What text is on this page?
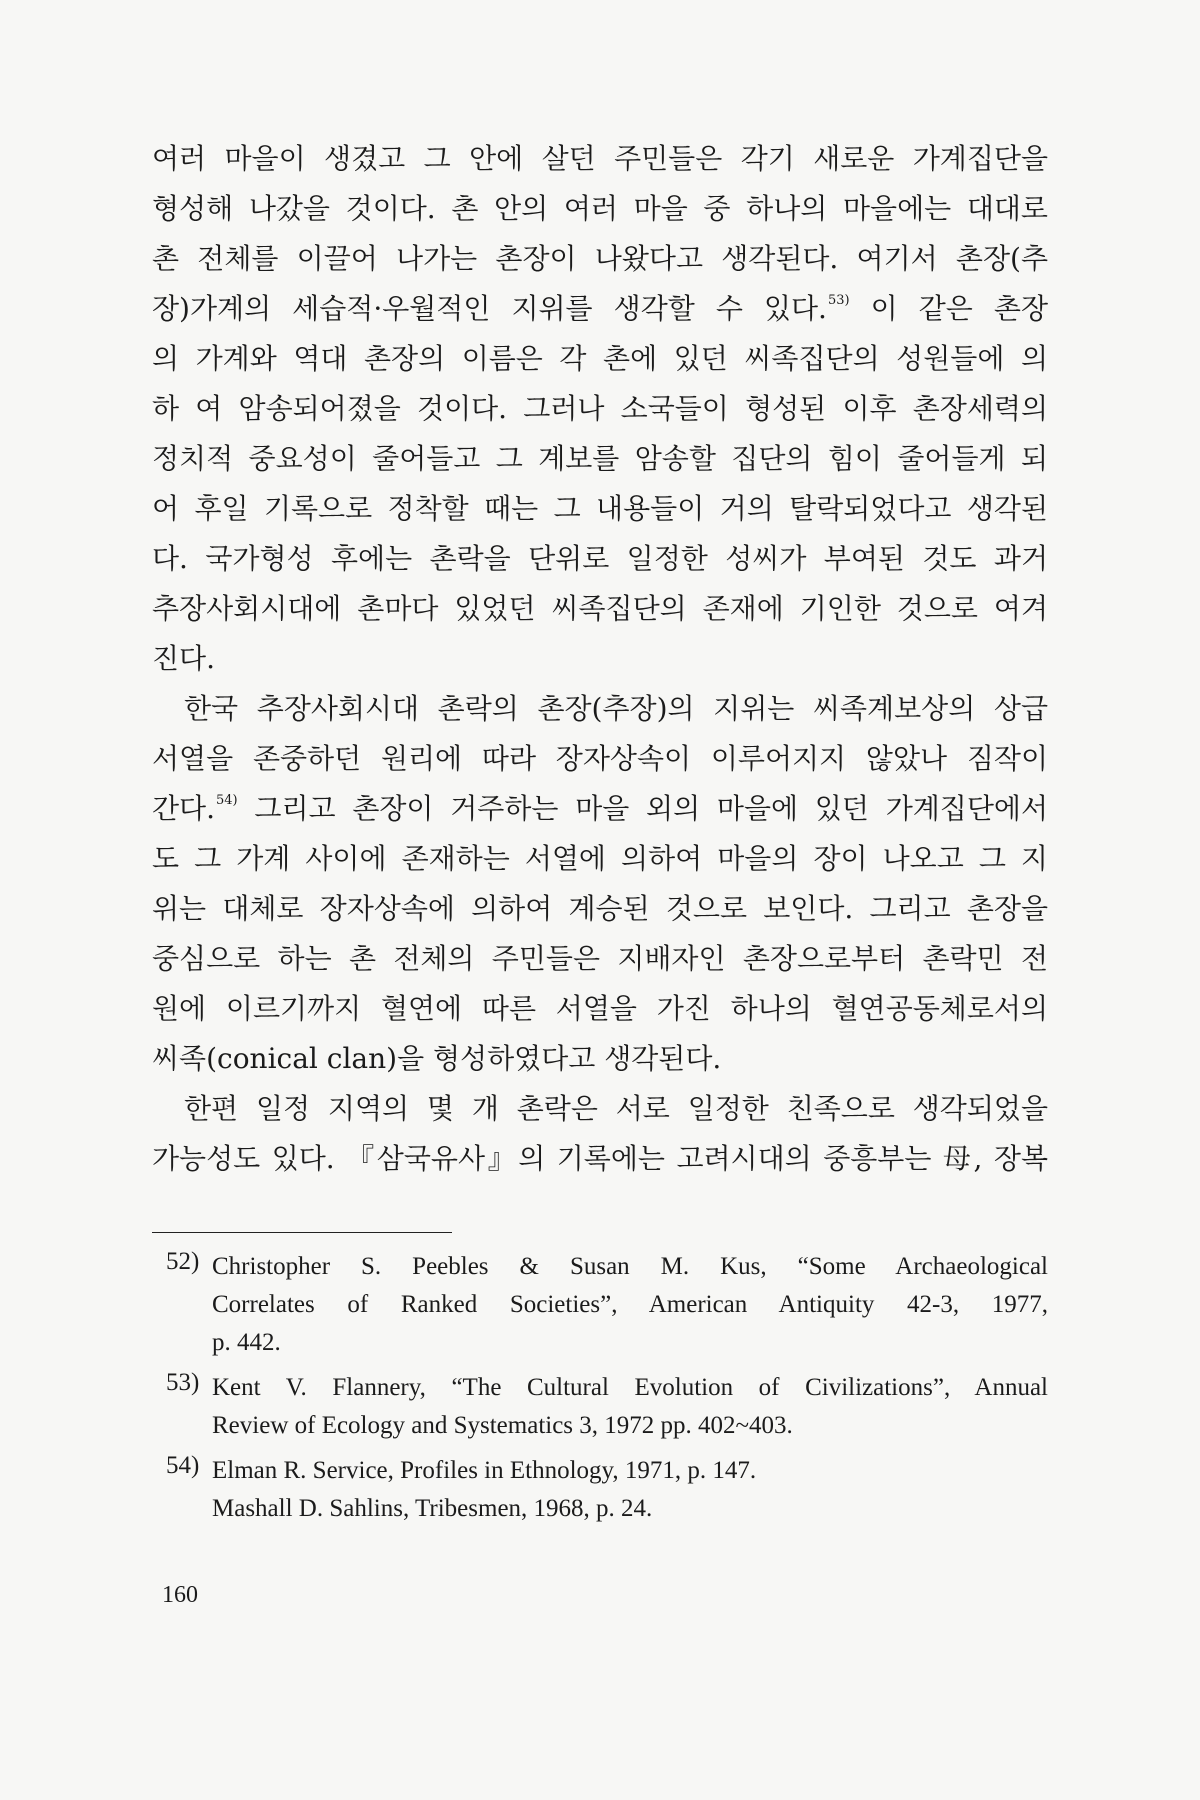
여러 마을이 생겼고 그 안에 살던 주민들은 각기 새로운 가계집단을
형성해 나갔을 것이다. 촌 안의 여러 마을 중 하나의 마을에는 대대로
촌 전체를 이끌어 나가는 촌장이 나왔다고 생각된다. 여기서 촌장(추
장)가계의 세습적·우월적인 지위를 생각할 수 있다.$^{53)}$ 이 같은 촌장
의 가계와 역대 촌장의 이름은 각 촌에 있던 씨족집단의 성원들에 의
하 여 암송되어졌을 것이다. 그러나 소국들이 형성된 이후 촌장세력의
정치적 중요성이 줄어들고 그 계보를 암송할 집단의 힘이 줄어들게 되
어 후일 기록으로 정착할 때는 그 내용들이 거의 탈락되었다고 생각된
다. 국가형성 후에는 촌락을 단위로 일정한 성씨가 부여된 것도 과거
추장사회시대에 촌마다 있었던 씨족집단의 존재에 기인한 것으로 여겨
진다.
한국 추장사회시대 촌락의 촌장(추장)의 지위는 씨족계보상의 상급
서열을 존중하던 원리에 따라 장자상속이 이루어지지 않았나 짐작이
간다.$^{54)}$ 그리고 촌장이 거주하는 마을 외의 마을에 있던 가계집단에서
도 그 가계 사이에 존재하는 서열에 의하여 마을의 장이 나오고 그 지
위는 대체로 장자상속에 의하여 계승된 것으로 보인다. 그리고 촌장을
중심으로 하는 촌 전체의 주민들은 지배자인 촌장으로부터 촌락민 전
원에 이르기까지 혈연에 따른 서열을 가진 하나의 혈연공동체로서의
씨족(conical clan)을 형성하였다고 생각된다.
한편 일정 지역의 몇 개 촌락은 서로 일정한 친족으로 생각되었을
가능성도 있다. 『삼국유사』의 기록에는 고려시대의 중흥부는 母, 장복
52) Christopher S. Peebles & Susan M. Kus, “Some Archaeological
Correlates of Ranked Societies”, American Antiquity 42-3, 1977,
p. 442.
53) Kent V. Flannery, “The Cultural Evolution of Civilizations”, Annual
Review of Ecology and Systematics 3, 1972 pp. 402~403.
54) Elman R. Service, Profiles in Ethnology, 1971, p. 147.
Mashall D. Sahlins, Tribesmen, 1968, p. 24.
160
